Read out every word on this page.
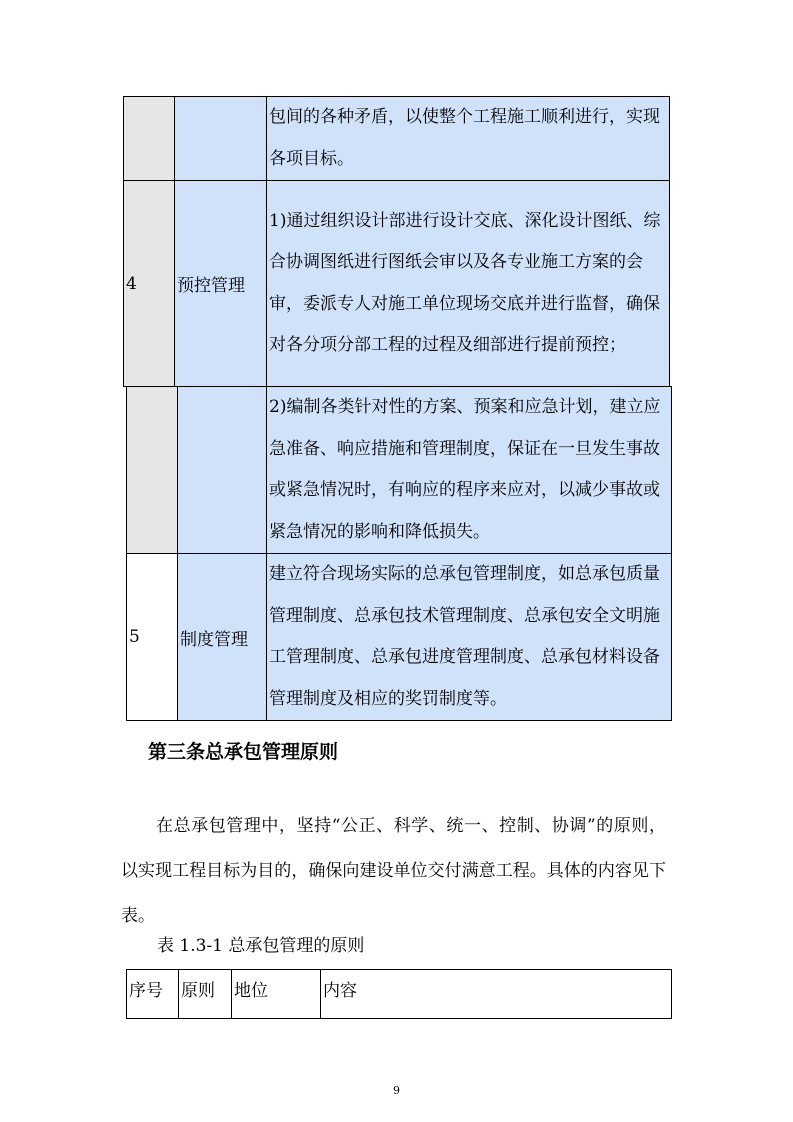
		包间的各种矛盾，以使整个工程施工顺利进行，实现各项目标。
4	预控管理	1)通过组织设计部进行设计交底、深化设计图纸、综合协调图纸进行图纸会审以及各专业施工方案的会审，委派专人对施工单位现场交底并进行监督，确保对各分项分部工程的过程及细部进行提前预控；
		2)编制各类针对性的方案、预案和应急计划，建立应急准备、响应措施和管理制度，保证在一旦发生事故或紧急情况时，有响应的程序来应对，以减少事故或紧急情况的影响和降低损失。
5	制度管理	建立符合现场实际的总承包管理制度，如总承包质量管理制度、总承包技术管理制度、总承包安全文明施工管理制度、总承包进度管理制度、总承包材料设备管理制度及相应的奖罚制度等。
第三条总承包管理原则
在总承包管理中，坚持“公正、科学、统一、控制、协调”的原则，以实现工程目标为目的，确保向建设单位交付满意工程。具体的内容见下表。
表 1.3-1 总承包管理的原则
序号	原则	地位	内容
9
